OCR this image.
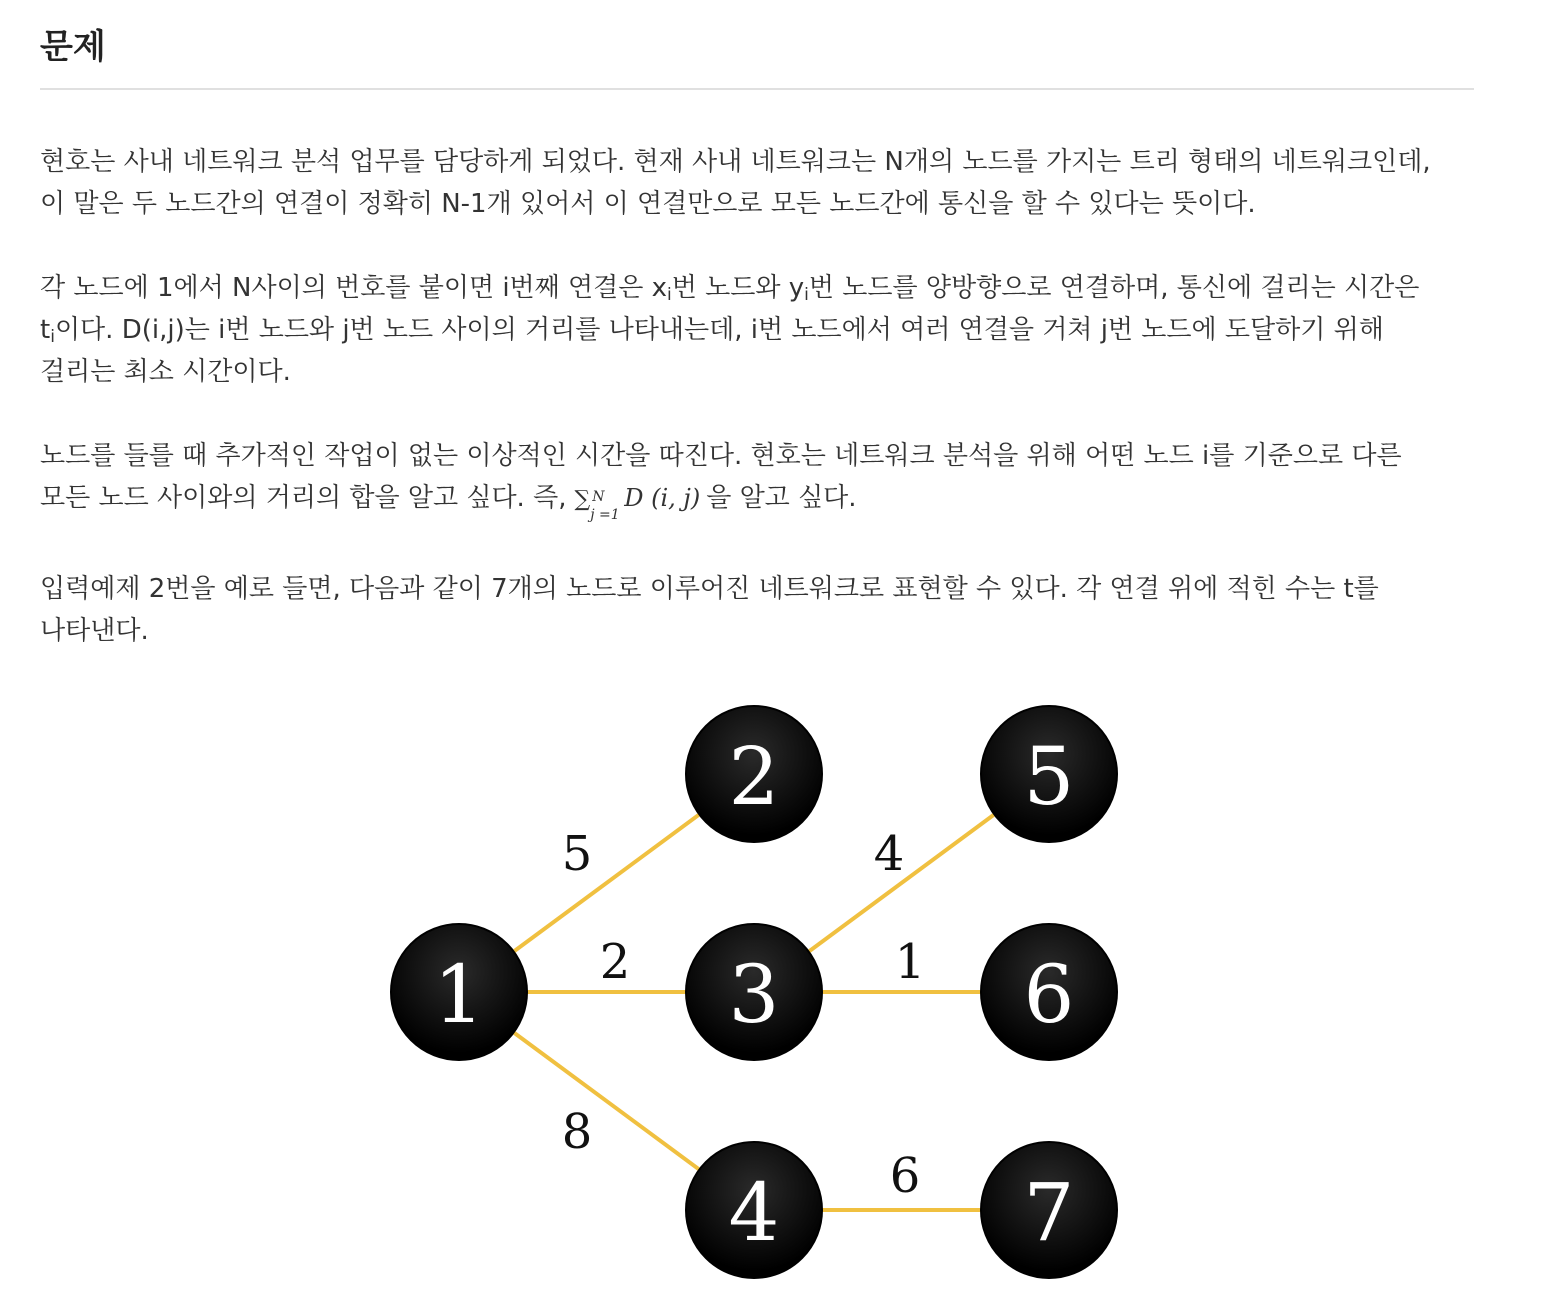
문제

현호는 사내 네트워크 분석 업무를 담당하게 되었다. 현재 사내 네트워크는 N개의 노드를 가지는 트리 형태의 네트워크인데,
이 말은 두 노드간의 연결이 정확히 N-1개 있어서 이 연결만으로 모든 노드간에 통신을 할 수 있다는 뜻이다.

각 노드에 1에서 N사이의 번호를 붙이면 i번째 연결은 $x_i$번 노드와 $y_i$번 노드를 양방향으로 연결하며, 통신에 걸리는 시간은
$t_i$이다. D(i,j)는 i번 노드와 j번 노드 사이의 거리를 나타내는데, i번 노드에서 여러 연결을 거쳐 j번 노드에 도달하기 위해
걸리는 최소 시간이다.

노드를 들를 때 추가적인 작업이 없는 이상적인 시간을 따진다. 현호는 네트워크 분석을 위해 어떤 노드 i를 기준으로 다른
모든 노드 사이와의 거리의 합을 알고 싶다. 즉, ∑ N
j =1
D (i, j) 을 알고 싶다.

입력예제 2번을 예로 들면, 다음과 같이 7개의 노드로 이루어진 네트워크로 표현할 수 있다. 각 연결 위에 적힌 수는 t를
나타낸다.

5
2
8
4
1
6
1
2
3
4
5
6
7
